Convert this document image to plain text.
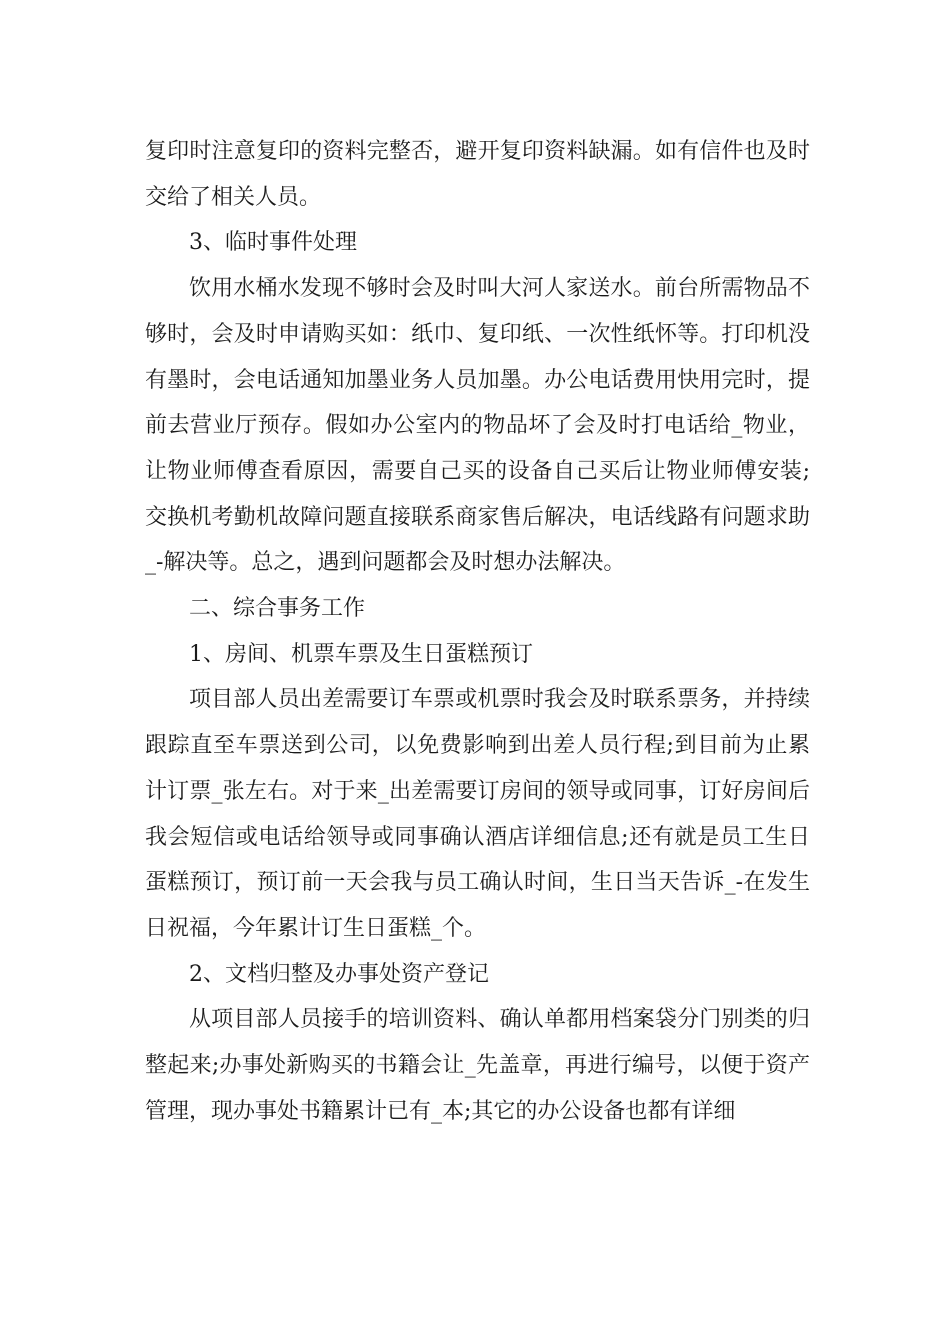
复印时注意复印的资料完整否，避开复印资料缺漏。如有信件也及时交给了相关人员。

3、临时事件处理

饮用水桶水发现不够时会及时叫大河人家送水。前台所需物品不够时，会及时申请购买如：纸巾、复印纸、一次性纸怀等。打印机没有墨时，会电话通知加墨业务人员加墨。办公电话费用快用完时，提前去营业厅预存。假如办公室内的物品坏了会及时打电话给_物业，让物业师傅查看原因，需要自己买的设备自己买后让物业师傅安装;交换机考勤机故障问题直接联系商家售后解决，电话线路有问题求助_-解决等。总之，遇到问题都会及时想办法解决。

二、综合事务工作

1、房间、机票车票及生日蛋糕预订

项目部人员出差需要订车票或机票时我会及时联系票务，并持续跟踪直至车票送到公司，以免费影响到出差人员行程;到目前为止累计订票_张左右。对于来_出差需要订房间的领导或同事，订好房间后我会短信或电话给领导或同事确认酒店详细信息;还有就是员工生日蛋糕预订，预订前一天会我与员工确认时间，生日当天告诉_-在发生日祝福，今年累计订生日蛋糕_个。

2、文档归整及办事处资产登记

从项目部人员接手的培训资料、确认单都用档案袋分门别类的归整起来;办事处新购买的书籍会让_先盖章，再进行编号，以便于资产管理，现办事处书籍累计已有_本;其它的办公设备也都有详细
